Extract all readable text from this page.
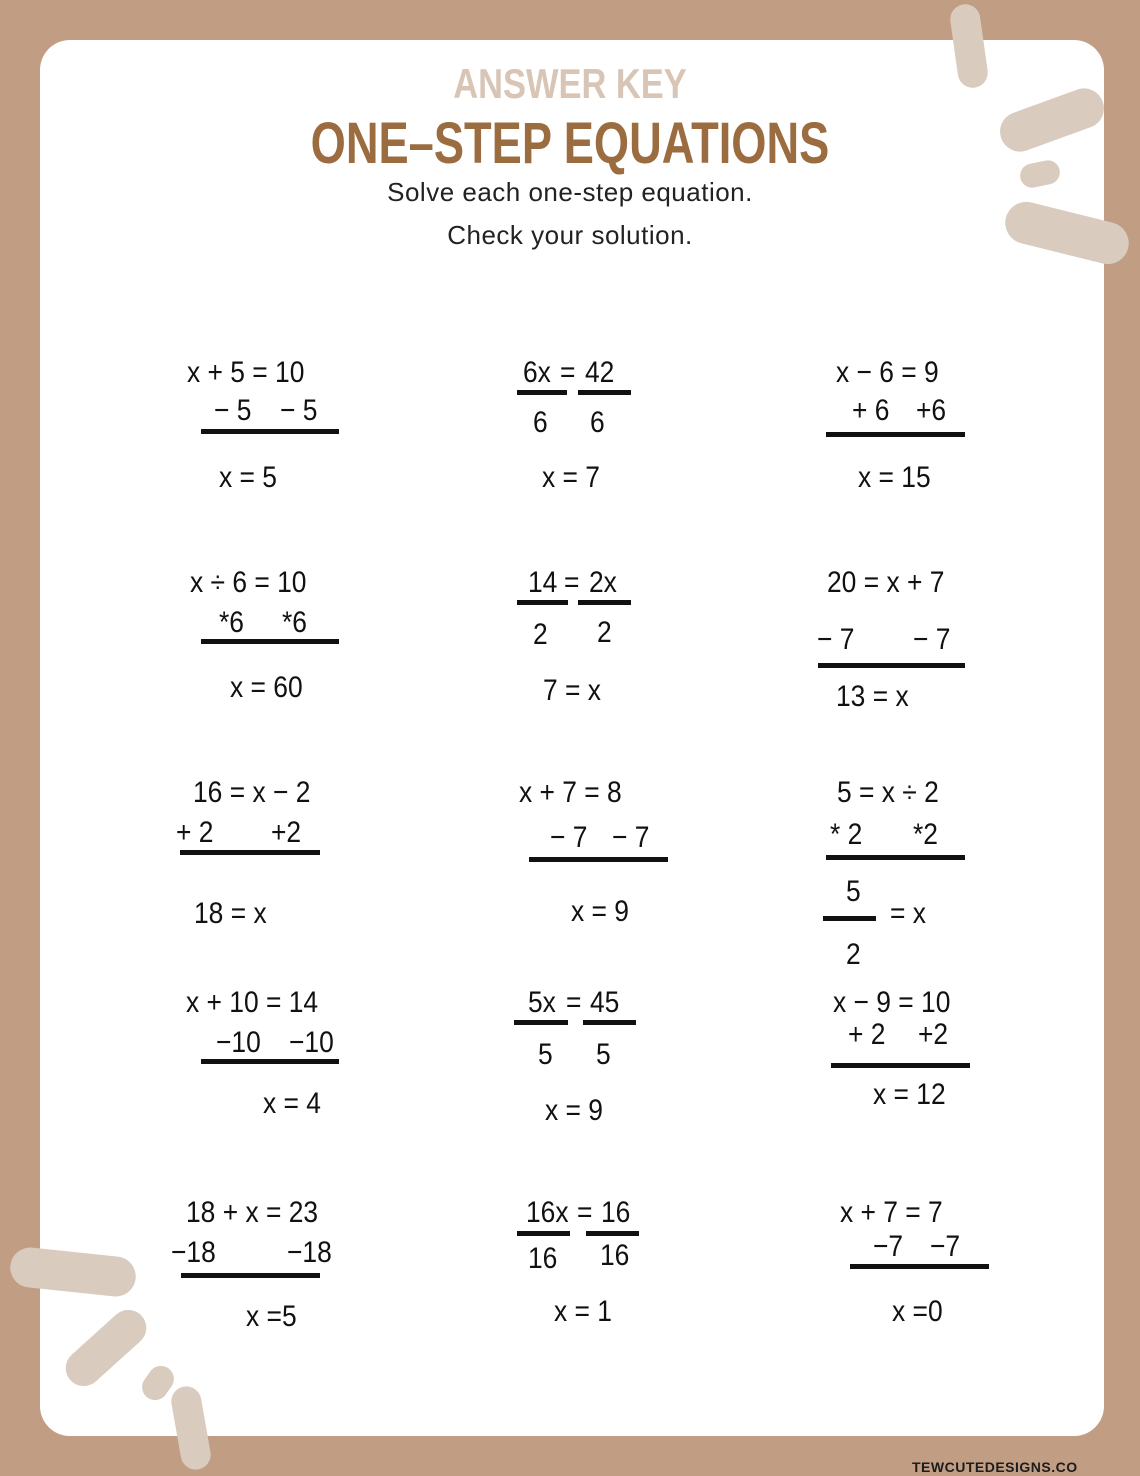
ANSWER KEY
ONE–STEP EQUATIONS
Solve each one-step equation.
Check your solution.
x + 5 = 10
− 5 − 5
x = 5
6x = 42
6 6
x = 7
x − 6 = 9
+ 6 +6
x = 15
x ÷ 6 = 10
*6 *6
x = 60
14 = 2x
2 2
7 = x
20 = x + 7
− 7 − 7
13 = x
16 = x − 2
+ 2 +2
18 = x
x + 7 = 8
− 7 − 7
x = 9
5 = x ÷ 2
* 2 *2
5
= x
2
x + 10 = 14
−10 −10
x = 4
5x = 45
5 5
x = 9
x − 9 = 10
+ 2 +2
x = 12
18 + x = 23
−18 −18
x =5
16x = 16
16 16
x = 1
x + 7 = 7
−7 −7
x =0
TEWCUTEDESIGNS.CO
